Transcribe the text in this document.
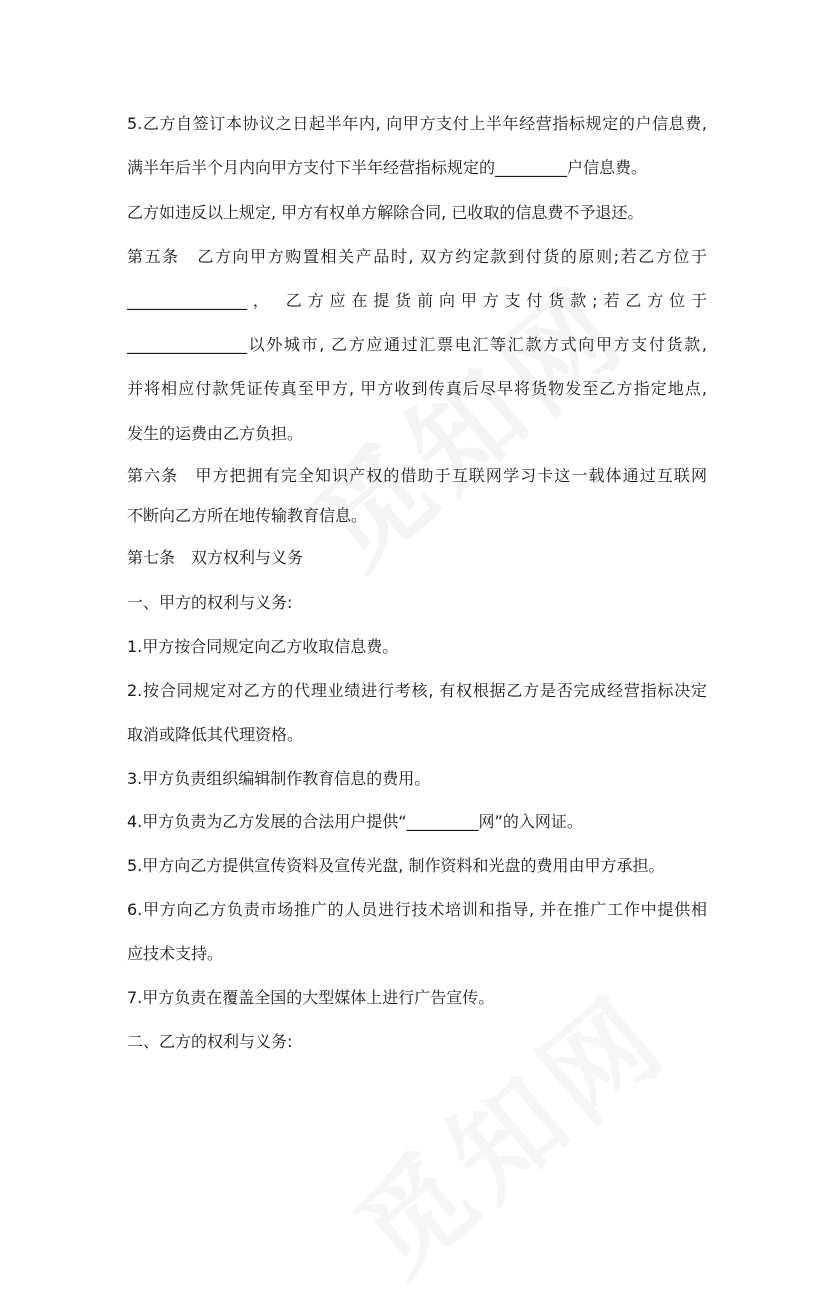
5.乙方自签订本协议之日起半年内, 向甲方支付上半年经营指标规定的户信息费,
满半年后半个月内向甲方支付下半年经营指标规定的_________户信息费。
乙方如违反以上规定, 甲方有权单方解除合同, 已收取的信息费不予退还。
第五条　乙方向甲方购置相关产品时, 双方约定款到付货的原则;若乙方位于
_______________， 乙方应在提货前向甲方支付货款;若乙方位于
_______________以外城市, 乙方应通过汇票电汇等汇款方式向甲方支付货款,
并将相应付款凭证传真至甲方, 甲方收到传真后尽早将货物发至乙方指定地点,
发生的运费由乙方负担。
第六条　甲方把拥有完全知识产权的借助于互联网学习卡这一载体通过互联网
不断向乙方所在地传输教育信息。
第七条　双方权利与义务
一、甲方的权利与义务:
1.甲方按合同规定向乙方收取信息费。
2.按合同规定对乙方的代理业绩进行考核, 有权根据乙方是否完成经营指标决定
取消或降低其代理资格。
3.甲方负责组织编辑制作教育信息的费用。
4.甲方负责为乙方发展的合法用户提供“_________网”的入网证。
5.甲方向乙方提供宣传资料及宣传光盘, 制作资料和光盘的费用由甲方承担。
6.甲方向乙方负责市场推广的人员进行技术培训和指导, 并在推广工作中提供相
应技术支持。
7.甲方负责在覆盖全国的大型媒体上进行广告宣传。
二、乙方的权利与义务:
